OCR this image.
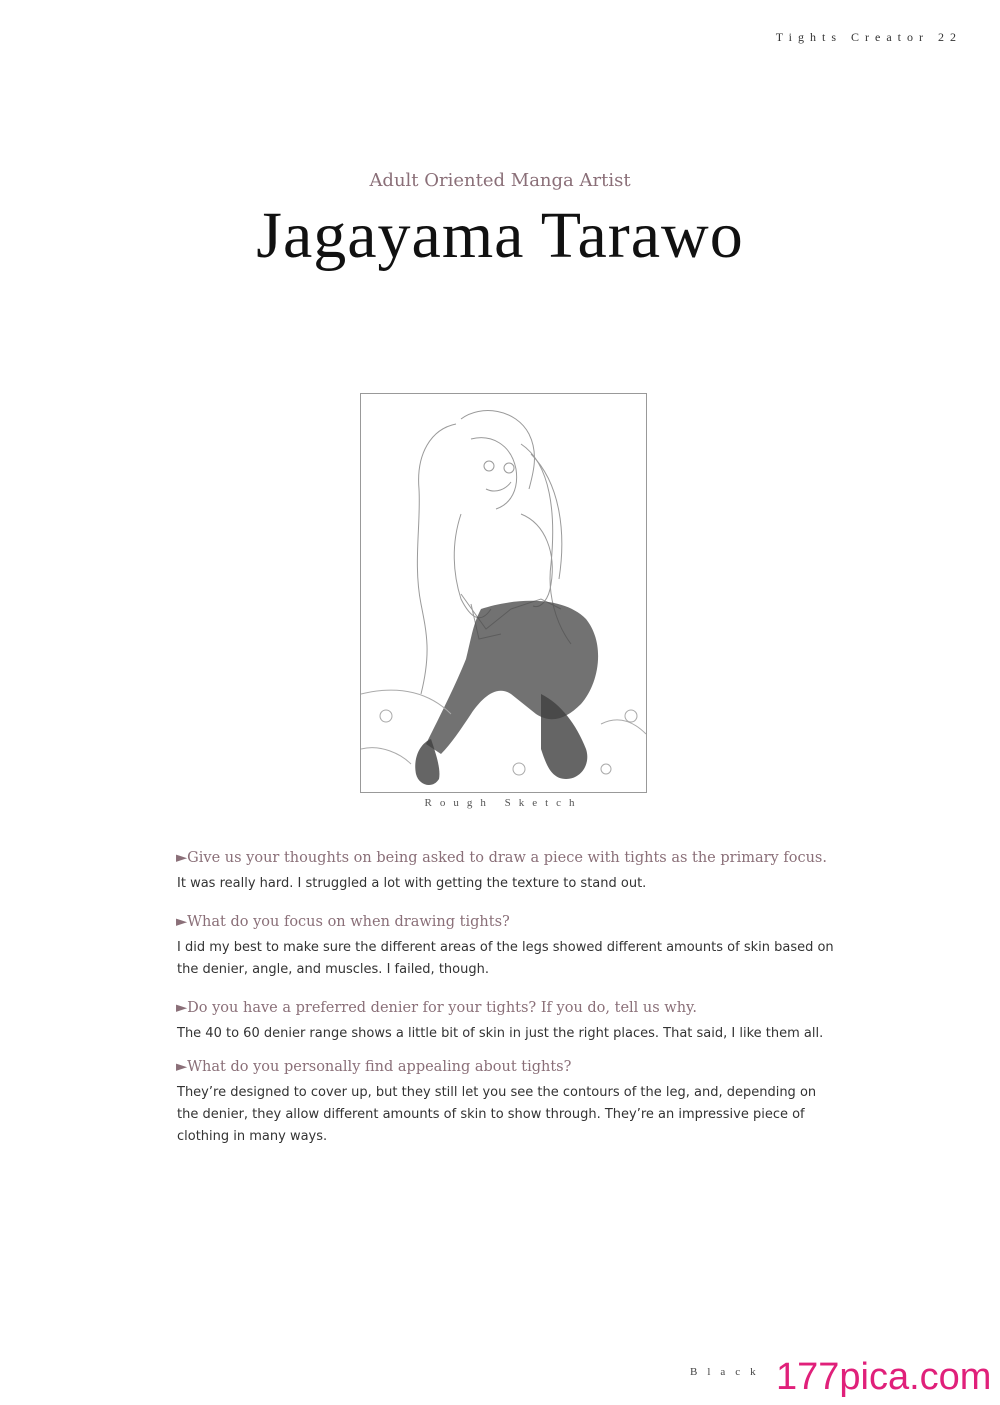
Tights Creator 22
Adult Oriented Manga Artist
Jagayama Tarawo
Rough Sketch

►Give us your thoughts on being asked to draw a piece with tights as the primary focus.

It was really hard. I struggled a lot with getting the texture to stand out.

►What do you focus on when drawing tights?

I did my best to make sure the different areas of the legs showed different amounts of skin based on the denier, angle, and muscles. I failed, though.

►Do you have a preferred denier for your tights? If you do, tell us why.

The 40 to 60 denier range shows a little bit of skin in just the right places. That said, I like them all.

►What do you personally find appealing about tights?

They’re designed to cover up, but they still let you see the contours of the leg, and, depending on the denier, they allow different amounts of skin to show through. They’re an impressive piece of clothing in many ways.

Black 177pica.com
